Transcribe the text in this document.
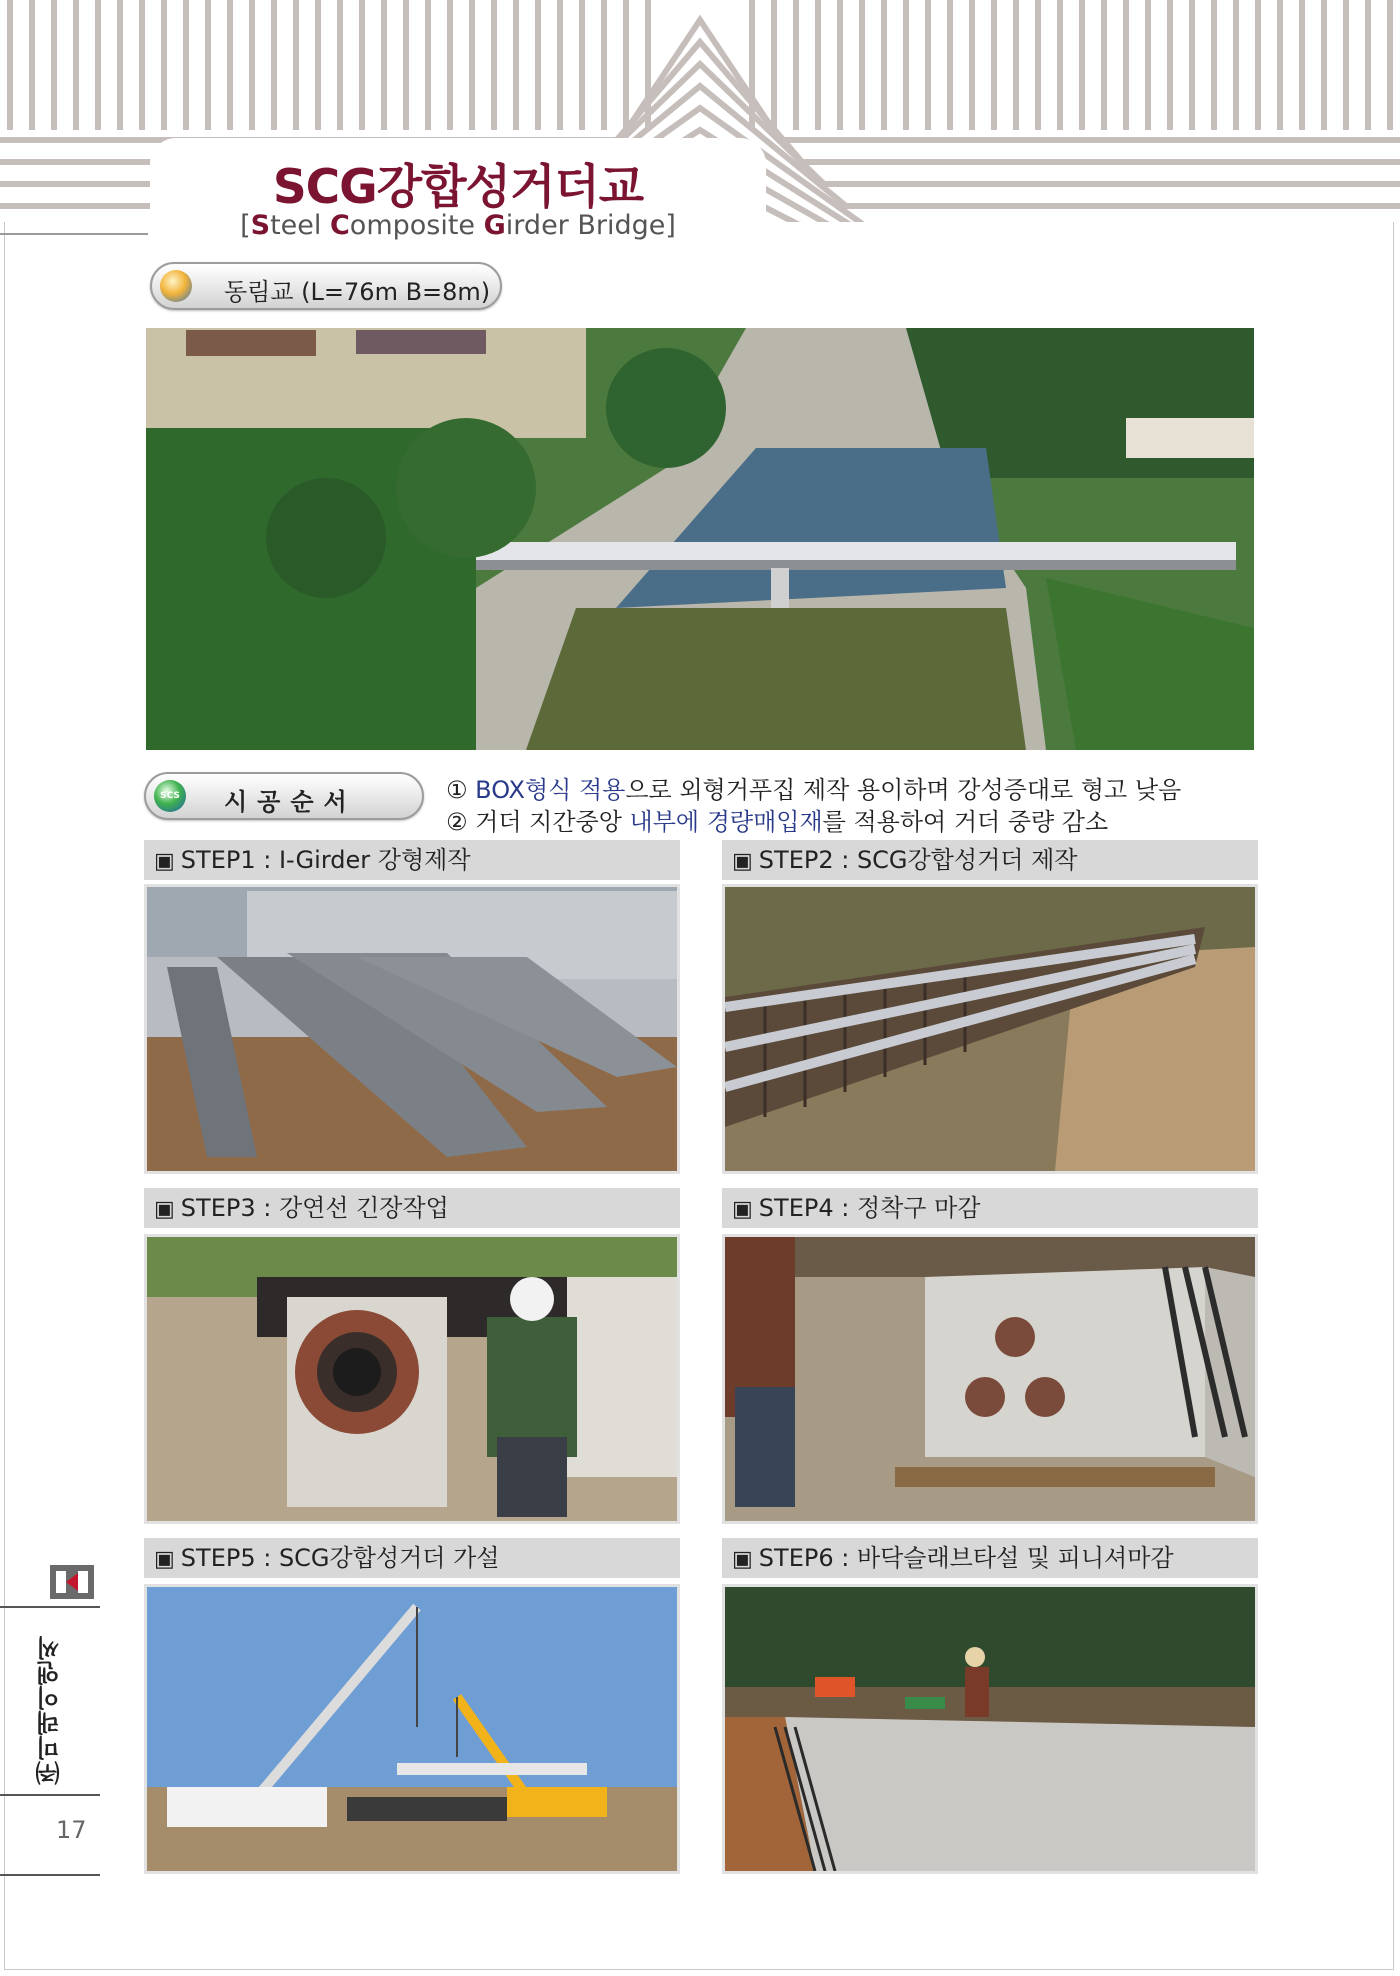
SCG강합성거더교
[Steel Composite Girder Bridge]
동림교 (L=76m B=8m)
SCS 시공순서	① BOX형식 적용으로 외형거푸집 제작 용이하며 강성증대로 형고 낮음
② 거더 지간중앙 내부에 경량매입재를 적용하여 거더 중량 감소
▣ STEP1 : I-Girder 강형제작	▣ STEP2 : SCG강합성거더 제작
▣ STEP3 : 강연선 긴장작업	▣ STEP4 : 정착구 마감
▣ STEP5 : SCG강합성거더 가설	▣ STEP6 : 바닥슬래브타설 및 피니셔마감
㈜미래이앤씨
17
